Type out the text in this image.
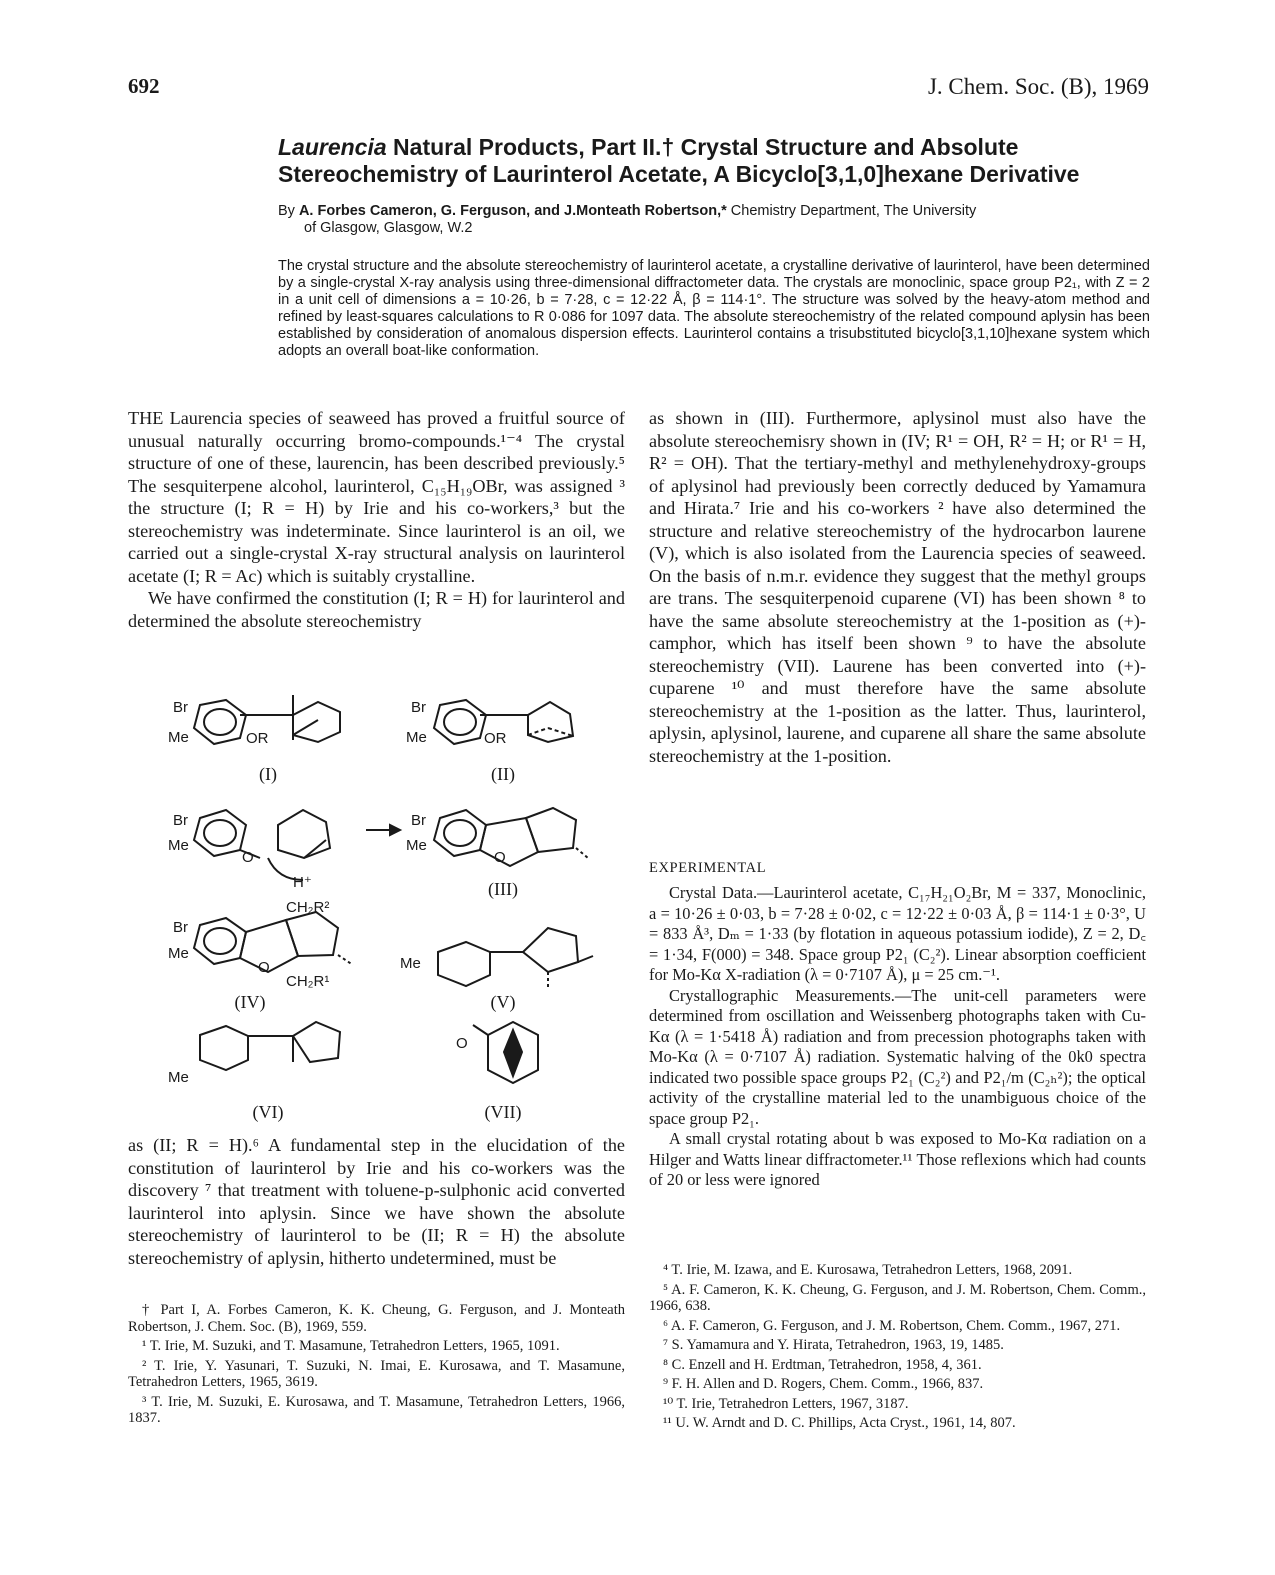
692	J. Chem. Soc. (B), 1969
Laurencia Natural Products, Part II.† Crystal Structure and Absolute Stereochemistry of Laurinterol Acetate, A Bicyclo[3,1,0]hexane Derivative
By A. Forbes Cameron, G. Ferguson, and J.Monteath Robertson,* Chemistry Department, The University
of Glasgow, Glasgow, W.2
The crystal structure and the absolute stereochemistry of laurinterol acetate, a crystalline derivative of laurinterol, have been determined by a single-crystal X-ray analysis using three-dimensional diffractometer data. The crystals are monoclinic, space group P2₁, with Z = 2 in a unit cell of dimensions a = 10·26, b = 7·28, c = 12·22 Å, β = 114·1°. The structure was solved by the heavy-atom method and refined by least-squares calculations to R 0·086 for 1097 data. The absolute stereochemistry of the related compound aplysin has been established by consideration of anomalous dispersion effects. Laurinterol contains a trisubstituted bicyclo[3,1,10]hexane system which adopts an overall boat-like conformation.

THE Laurencia species of seaweed has proved a fruitful source of unusual naturally occurring bromo-compounds.¹⁻⁴ The crystal structure of one of these, laurencin, has been described previously.⁵ The sesquiterpene alcohol, laurinterol, C₁₅H₁₉OBr, was assigned ³ the structure (I; R = H) by Irie and his co-workers,³ but the stereochemistry was indeterminate. Since laurinterol is an oil, we carried out a single-crystal X-ray structural analysis on laurinterol acetate (I; R = Ac) which is suitably crystalline.

We have confirmed the constitution (I; R = H) for laurinterol and determined the absolute stereochemistry

Br
Me	OR
Br
Me	OR
Br
Me
O
H⁺
Br
Me
O
CH₂R²
Br
Me
O
CH₂R¹
Me
Me
O
(I)	(II)
(III)
(IV)	(V)
(VI)	(VII)

as (II; R = H).⁶ A fundamental step in the elucidation of the constitution of laurinterol by Irie and his co-workers was the discovery ⁷ that treatment with toluene-p-sulphonic acid converted laurinterol into aplysin. Since we have shown the absolute stereochemistry of laurinterol to be (II; R = H) the absolute stereochemistry of aplysin, hitherto undetermined, must be

† Part I, A. Forbes Cameron, K. K. Cheung, G. Ferguson, and J. Monteath Robertson, J. Chem. Soc. (B), 1969, 559.

¹ T. Irie, M. Suzuki, and T. Masamune, Tetrahedron Letters, 1965, 1091.

² T. Irie, Y. Yasunari, T. Suzuki, N. Imai, E. Kurosawa, and T. Masamune, Tetrahedron Letters, 1965, 3619.

³ T. Irie, M. Suzuki, E. Kurosawa, and T. Masamune, Tetrahedron Letters, 1966, 1837.

as shown in (III). Furthermore, aplysinol must also have the absolute stereochemisry shown in (IV; R¹ = OH, R² = H; or R¹ = H, R² = OH). That the tertiary-methyl and methylenehydroxy-groups of aplysinol had previously been correctly deduced by Yamamura and Hirata.⁷ Irie and his co-workers ² have also determined the structure and relative stereochemistry of the hydrocarbon laurene (V), which is also isolated from the Laurencia species of seaweed. On the basis of n.m.r. evidence they suggest that the methyl groups are trans. The sesquiterpenoid cuparene (VI) has been shown ⁸ to have the same absolute stereochemistry at the 1-position as (+)-camphor, which has itself been shown ⁹ to have the absolute stereochemistry (VII). Laurene has been converted into (+)-cuparene ¹⁰ and must therefore have the same absolute stereochemistry at the 1-position as the latter. Thus, laurinterol, aplysin, aplysinol, laurene, and cuparene all share the same absolute stereochemistry at the 1-position.

EXPERIMENTAL

Crystal Data.—Laurinterol acetate, C₁₇H₂₁O₂Br, M = 337, Monoclinic, a = 10·26 ± 0·03, b = 7·28 ± 0·02, c = 12·22 ± 0·03 Å, β = 114·1 ± 0·3°, U = 833 Å³, Dₘ = 1·33 (by flotation in aqueous potassium iodide), Z = 2, D꜀ = 1·34, F(000) = 348. Space group P2₁ (C₂²). Linear absorption coefficient for Mo-Kα X-radiation (λ = 0·7107 Å), μ = 25 cm.⁻¹.

Crystallographic Measurements.—The unit-cell parameters were determined from oscillation and Weissenberg photographs taken with Cu-Kα (λ = 1·5418 Å) radiation and from precession photographs taken with Mo-Kα (λ = 0·7107 Å) radiation. Systematic halving of the 0k0 spectra indicated two possible space groups P2₁ (C₂²) and P2₁/m (C₂ₕ²); the optical activity of the crystalline material led to the unambiguous choice of the space group P2₁.

A small crystal rotating about b was exposed to Mo-Kα radiation on a Hilger and Watts linear diffractometer.¹¹ Those reflexions which had counts of 20 or less were ignored

⁴ T. Irie, M. Izawa, and E. Kurosawa, Tetrahedron Letters, 1968, 2091.

⁵ A. F. Cameron, K. K. Cheung, G. Ferguson, and J. M. Robertson, Chem. Comm., 1966, 638.

⁶ A. F. Cameron, G. Ferguson, and J. M. Robertson, Chem. Comm., 1967, 271.

⁷ S. Yamamura and Y. Hirata, Tetrahedron, 1963, 19, 1485.

⁸ C. Enzell and H. Erdtman, Tetrahedron, 1958, 4, 361.

⁹ F. H. Allen and D. Rogers, Chem. Comm., 1966, 837.

¹⁰ T. Irie, Tetrahedron Letters, 1967, 3187.

¹¹ U. W. Arndt and D. C. Phillips, Acta Cryst., 1961, 14, 807.
